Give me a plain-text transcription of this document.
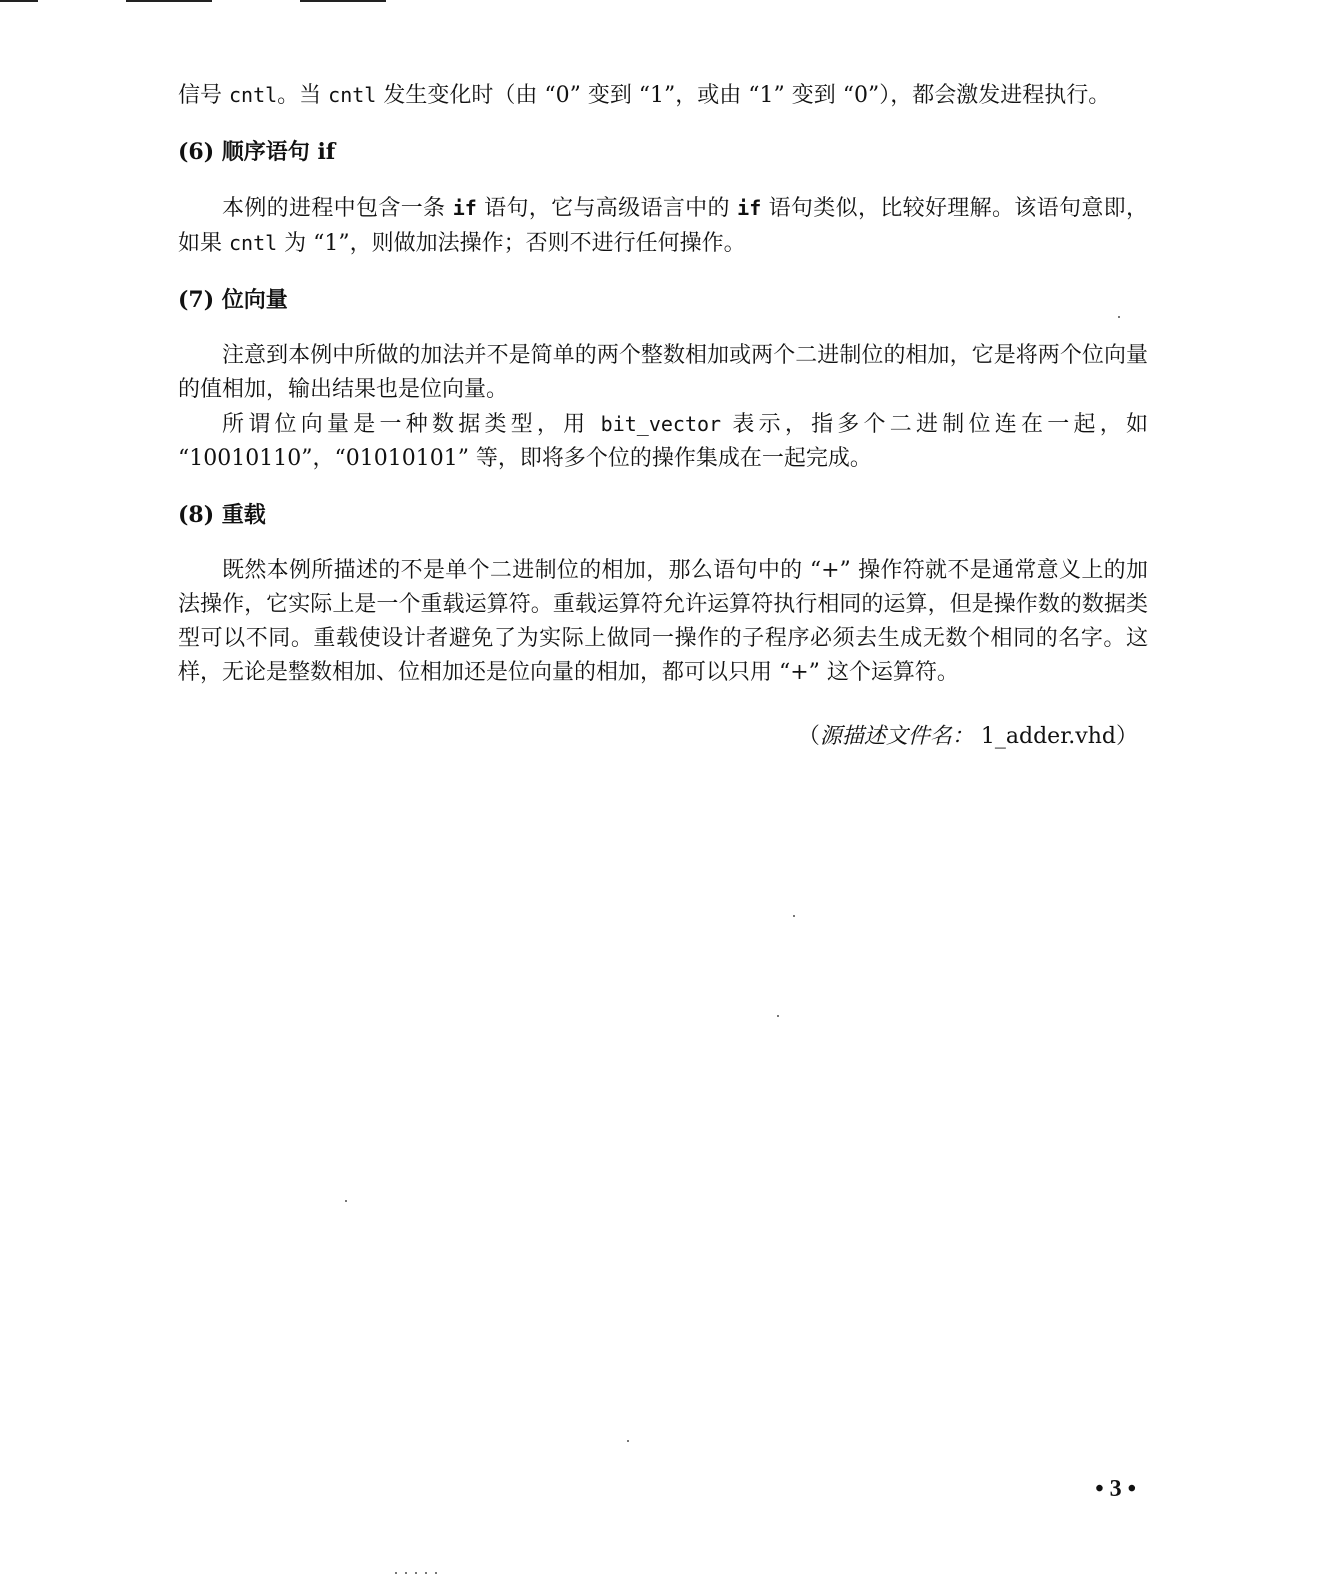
信号 cntl。当 cntl 发生变化时（由 “0” 变到 “1”，或由 “1” 变到 “0”），都会激发进程执行。

(6) 顺序语句 if

本例的进程中包含一条 if 语句，它与高级语言中的 if 语句类似，比较好理解。该语句意即，如果 cntl 为 “1”，则做加法操作；否则不进行任何操作。

(7) 位向量

注意到本例中所做的加法并不是简单的两个整数相加或两个二进制位的相加，它是将两个位向量的值相加，输出结果也是位向量。

所谓位向量是一种数据类型，用 bit_vector 表示，指多个二进制位连在一起，如 “10010110”，“01010101” 等，即将多个位的操作集成在一起完成。

(8) 重载

既然本例所描述的不是单个二进制位的相加，那么语句中的 “+” 操作符就不是通常意义上的加法操作，它实际上是一个重载运算符。重载运算符允许运算符执行相同的运算，但是操作数的数据类型可以不同。重载使设计者避免了为实际上做同一操作的子程序必须去生成无数个相同的名字。这样，无论是整数相加、位相加还是位向量的相加，都可以只用 “+” 这个运算符。

（源描述文件名： 1_adder.vhd）

• 3 •
